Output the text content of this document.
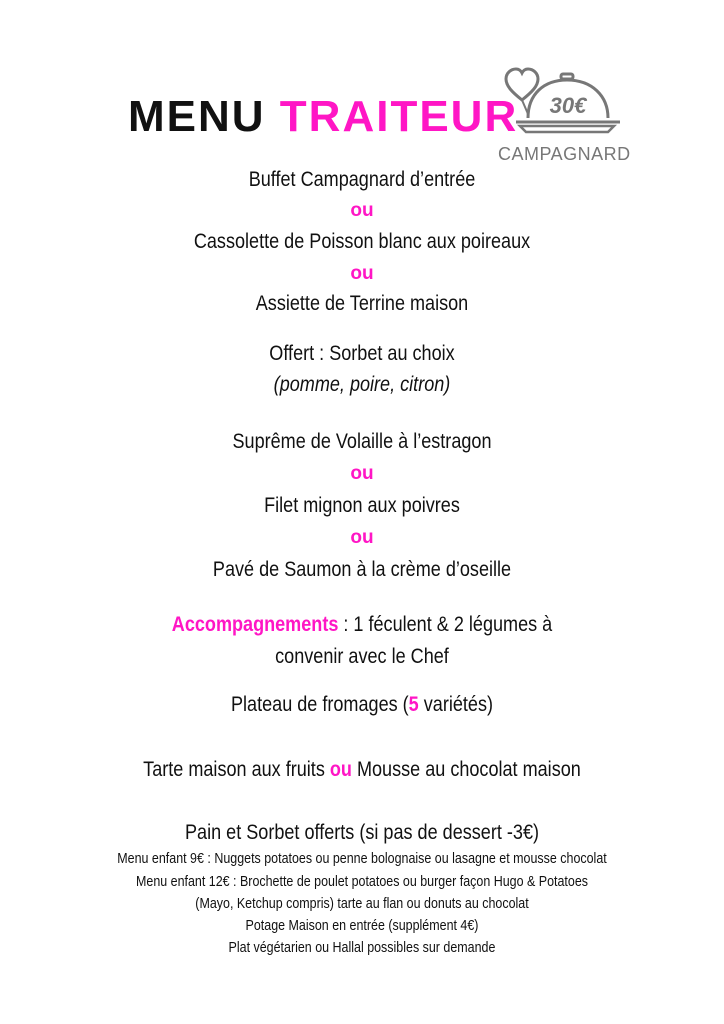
MENU TRAITEUR 30€
CAMPAGNARD
Buffet Campagnard d’entrée
ou
Cassolette de Poisson blanc aux poireaux
ou
Assiette de Terrine maison
Offert : Sorbet au choix
(pomme, poire, citron)
Suprême de Volaille à l’estragon
ou
Filet mignon aux poivres
ou
Pavé de Saumon à la crème d’oseille
Accompagnements : 1 féculent & 2 légumes à
convenir avec le Chef
Plateau de fromages (5 variétés)
Tarte maison aux fruits ou Mousse au chocolat maison
Pain et Sorbet offerts (si pas de dessert -3€)
Menu enfant 9€ : Nuggets potatoes ou penne bolognaise ou lasagne et mousse chocolat
Menu enfant 12€ : Brochette de poulet potatoes ou burger façon Hugo & Potatoes
(Mayo, Ketchup compris) tarte au flan ou donuts au chocolat
Potage Maison en entrée (supplément 4€)
Plat végétarien ou Hallal possibles sur demande
